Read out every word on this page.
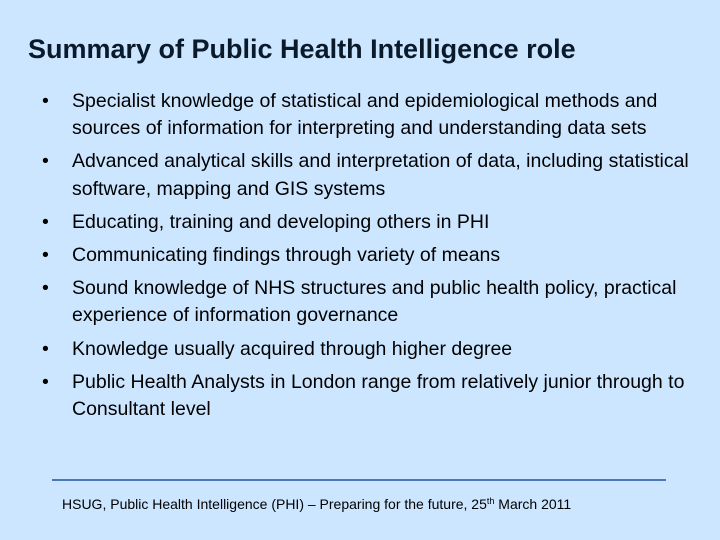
Summary of Public Health Intelligence role
• Specialist knowledge of statistical and epidemiological methods and sources of information for interpreting and understanding data sets
• Advanced analytical skills and interpretation of data, including statistical software, mapping and GIS systems
• Educating, training and developing others in PHI
• Communicating findings through variety of means
• Sound knowledge of NHS structures and public health policy, practical experience of information governance
• Knowledge usually acquired through higher degree
• Public Health Analysts in London range from relatively junior through to Consultant level
HSUG, Public Health Intelligence (PHI) – Preparing for the future, 25th March 2011
